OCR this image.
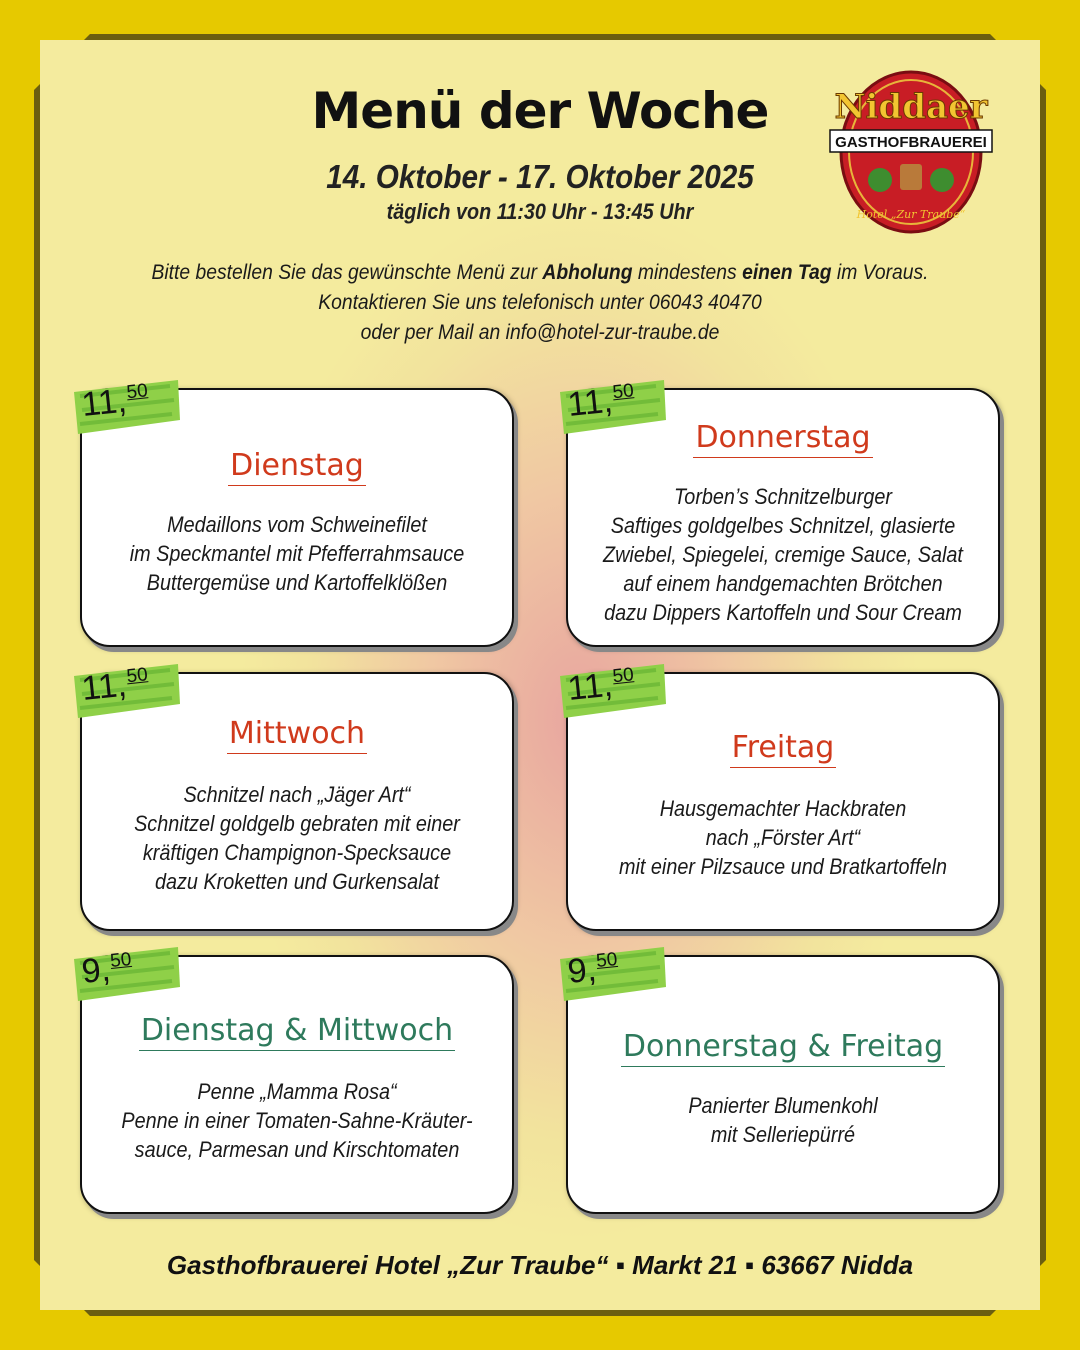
Niddaer
GASTHOFBRAUEREI
Hotel „Zur Traube“
Menü der Woche
14. Oktober - 17. Oktober 2025
täglich von 11:30 Uhr - 13:45 Uhr
Bitte bestellen Sie das gewünschte Menü zur Abholung mindestens einen Tag im Voraus.
Kontaktieren Sie uns telefonisch unter 06043 40470
oder per Mail an info@hotel-zur-traube.de
Dienstag
Medaillons vom Schweinefilet
im Speckmantel mit Pfefferrahmsauce
Buttergemüse und Kartoffelklößen
Donnerstag
Torben’s Schnitzelburger
Saftiges goldgelbes Schnitzel, glasierte
Zwiebel, Spiegelei, cremige Sauce, Salat
auf einem handgemachten Brötchen
dazu Dippers Kartoffeln und Sour Cream
Mittwoch
Schnitzel nach „Jäger Art“
Schnitzel goldgelb gebraten mit einer
kräftigen Champignon-Specksauce
dazu Kroketten und Gurkensalat
Freitag
Hausgemachter Hackbraten
nach „Förster Art“
mit einer Pilzsauce und Bratkartoffeln
Dienstag & Mittwoch
Penne „Mamma Rosa“
Penne in einer Tomaten-Sahne-Kräuter-
sauce, Parmesan und Kirschtomaten
Donnerstag & Freitag
Panierter Blumenkohl
mit Selleriepürré
11,50	11,50
11,50	11,50
9,50	9,50
Gasthofbrauerei Hotel „Zur Traube“ ▪ Markt 21 ▪ 63667 Nidda
